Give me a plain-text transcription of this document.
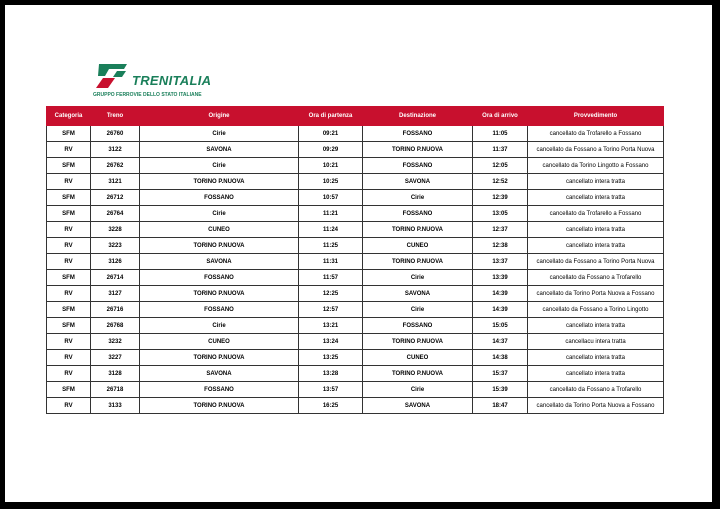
TRENITALIA
GRUPPO FERROVIE DELLO STATO ITALIANE
Categoria	Treno	Origine	Ora di partenza	Destinazione	Ora di arrivo	Provvedimento
SFM	26760	Cirie	09:21	FOSSANO	11:05	cancellato da Trofarello a Fossano
RV	3122	SAVONA	09:29	TORINO P.NUOVA	11:37	cancellato da Fossano a Torino Porta Nuova
SFM	26762	Cirie	10:21	FOSSANO	12:05	cancellato da Torino Lingotto a Fossano
RV	3121	TORINO P.NUOVA	10:25	SAVONA	12:52	cancellato intera tratta
SFM	26712	FOSSANO	10:57	Cirie	12:39	cancellato intera tratta
SFM	26764	Cirie	11:21	FOSSANO	13:05	cancellato da Trofarello a Fossano
RV	3228	CUNEO	11:24	TORINO P.NUOVA	12:37	cancellato intera tratta
RV	3223	TORINO P.NUOVA	11:25	CUNEO	12:38	cancellato intera tratta
RV	3126	SAVONA	11:31	TORINO P.NUOVA	13:37	cancellato da Fossano a Torino Porta Nuova
SFM	26714	FOSSANO	11:57	Cirie	13:39	cancellato da Fossano a Trofarello
RV	3127	TORINO P.NUOVA	12:25	SAVONA	14:39	cancellato da Torino Porta Nuova a Fossano
SFM	26716	FOSSANO	12:57	Cirie	14:39	cancellato da Fossano a Torino Lingotto
SFM	26768	Cirie	13:21	FOSSANO	15:05	cancellato intera tratta
RV	3232	CUNEO	13:24	TORINO P.NUOVA	14:37	cancellacu intera tratta
RV	3227	TORINO P.NUOVA	13:25	CUNEO	14:38	cancellato intera tratta
RV	3128	SAVONA	13:28	TORINO P.NUOVA	15:37	cancellato intera tratta
SFM	26718	FOSSANO	13:57	Cirie	15:39	cancellato da Fossano a Trofarello
RV	3133	TORINO P.NUOVA	16:25	SAVONA	18:47	cancellato da Torino Porta Nuova a Fossano
